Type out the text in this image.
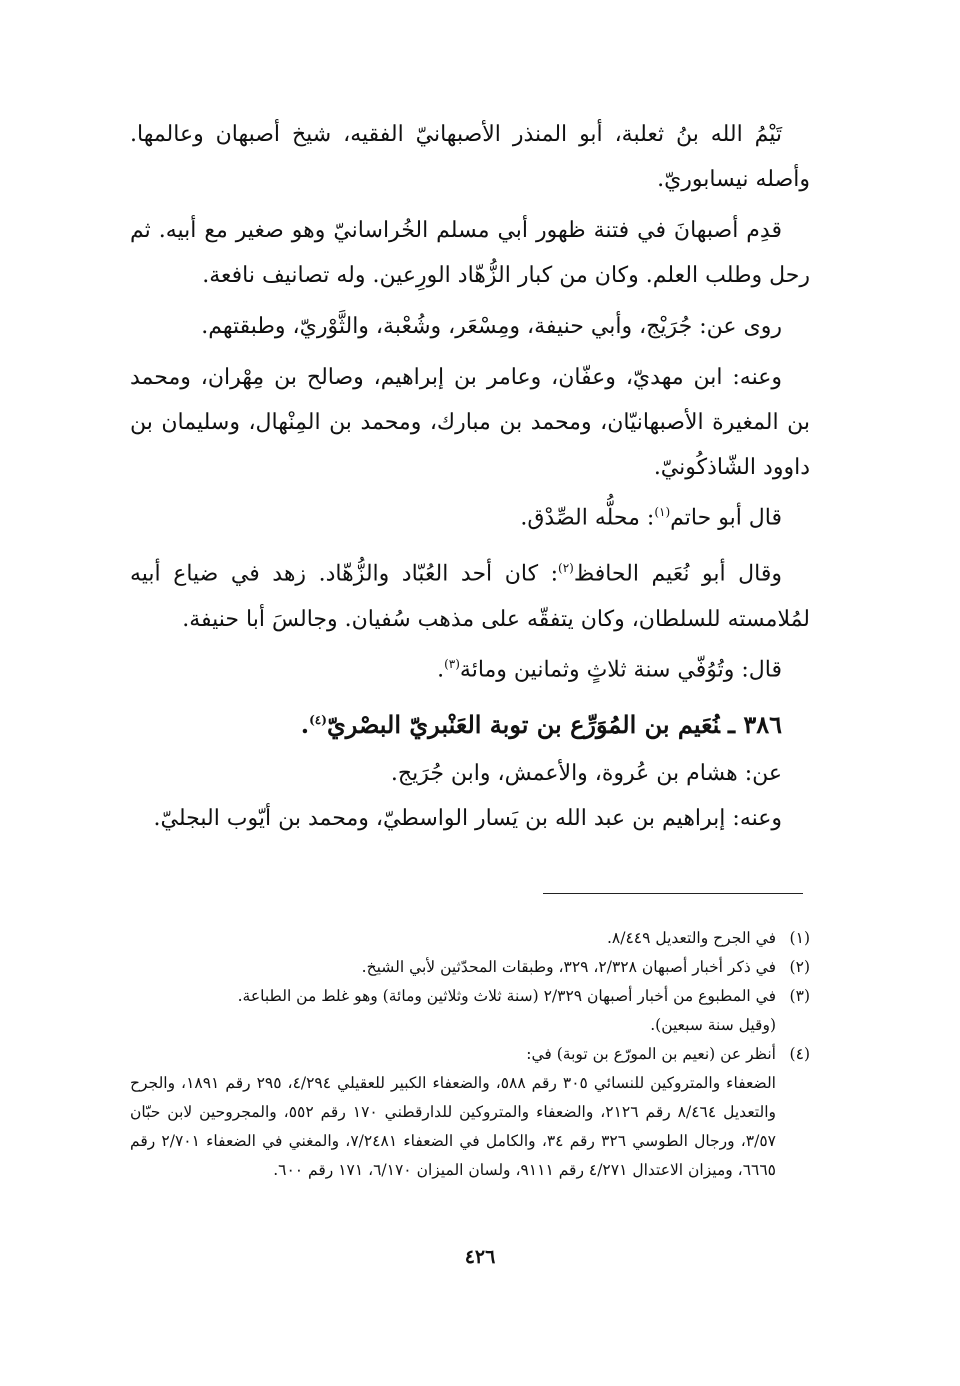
تَيْمُ الله بنُ ثعلبة، أبو المنذر الأصبهانيّ الفقيه، شيخ أصبهان وعالمها. وأصله نيسابوريّ.

قدِم أصبهانَ في فتنة ظهور أبي مسلم الخُراسانيّ وهو صغير مع أبيه. ثم رحل وطلب العلم. وكان من كبار الزُّهّاد الورِعين. وله تصانيف نافعة.

روى عن: جُرَيْج، وأبي حنيفة، ومِسْعَر، وشُعْبة، والثَّوْريّ، وطبقتهم.

وعنه: ابن مهديّ، وعفّان، وعامر بن إبراهيم، وصالح بن مِهْران، ومحمد بن المغيرة الأصبهانيّان، ومحمد بن مبارك، ومحمد بن المِنْهال، وسليمان بن داوود الشّاذكُونيّ.

قال أبو حاتم$^{(١)}$: محلُّه الصِّدْق.

وقال أبو نُعَيم الحافظ$^{(٢)}$: كان أحد العُبّاد والزُّهّاد. زهد في ضياع أبيه لمُلامسته للسلطان، وكان يتفقّه على مذهب سُفيان. وجالسَ أبا حنيفة.

قال: وتُوُفّي سنة ثلاثٍ وثمانين ومائة$^{(٣)}$.

٣٨٦ ـنُعَيم بن المُوَرِّع بن توبة العَنْبريّ البصْريّ$^{(٤)}$.

عن: هشام بن عُروة، والأعمش، وابن جُرَيج.

وعنه: إبراهيم بن عبد الله بن يَسار الواسطيّ، ومحمد بن أيّوب البجليّ.

(١)
في الجرح والتعديل ٨/٤٤٩.
(٢)
في ذكر أخبار أصبهان ٢/٣٢٨، ٣٢٩، وطبقات المحدّثين لأبي الشيخ.
(٣)
في المطبوع من أخبار أصبهان ٢/٣٢٩ (سنة ثلاث وثلاثين ومائة) وهو غلط من الطباعة.
(وقيل سنة سبعين).
(٤)
أنظر عن (نعيم بن المورّع بن توبة) في:
الضعفاء والمتروكين للنسائي ٣٠٥ رقم ٥٨٨، والضعفاء الكبير للعقيلي ٤/٢٩٤، ٢٩٥ رقم ١٨٩١، والجرح والتعديل ٨/٤٦٤ رقم ٢١٢٦، والضعفاء والمتروكين للدارقطني ١٧٠ رقم ٥٥٢، والمجروحين لابن حبّان ٣/٥٧، ورجال الطوسي ٣٢٦ رقم ٣٤، والكامل في الضعفاء ٧/٢٤٨١، والمغني في الضعفاء ٢/٧٠١ رقم ٦٦٦٥، وميزان الاعتدال ٤/٢٧١ رقم ٩١١١، ولسان الميزان ٦/١٧٠، ١٧١ رقم ٦٠٠.
٤٢٦
